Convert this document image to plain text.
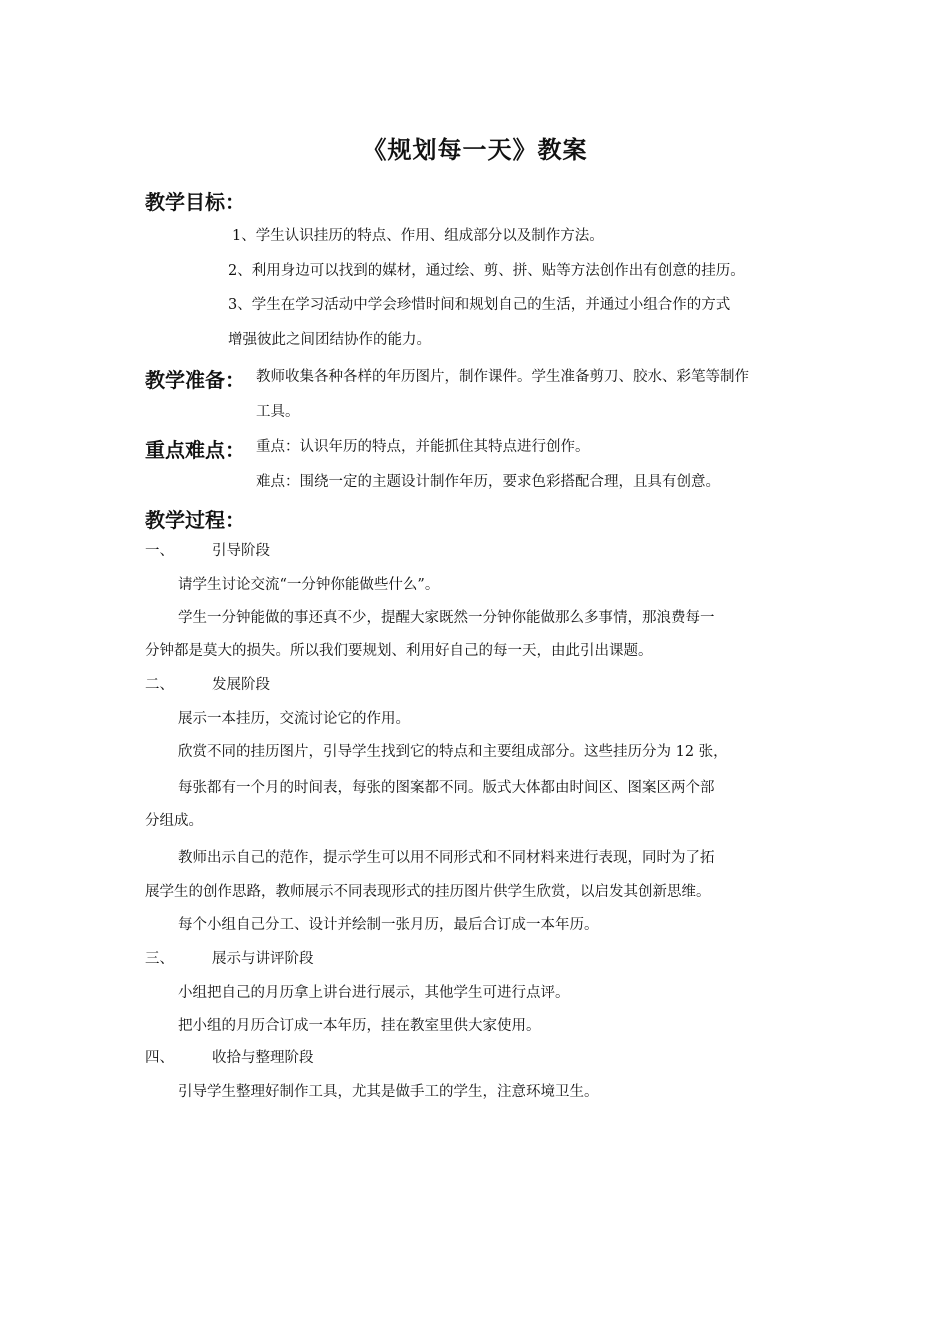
《规划每一天》教案
教学目标：
1、学生认识挂历的特点、作用、组成部分以及制作方法。
2、利用身边可以找到的媒材，通过绘、剪、拼、贴等方法创作出有创意的挂历。
3、学生在学习活动中学会珍惜时间和规划自己的生活，并通过小组合作的方式
增强彼此之间团结协作的能力。
教学准备： 教师收集各种各样的年历图片，制作课件。学生准备剪刀、胶水、彩笔等制作
工具。
重点难点： 重点：认识年历的特点，并能抓住其特点进行创作。
难点：围绕一定的主题设计制作年历，要求色彩搭配合理，且具有创意。
教学过程：
一、	引导阶段
请学生讨论交流“一分钟你能做些什么”。
学生一分钟能做的事还真不少，提醒大家既然一分钟你能做那么多事情，那浪费每一
分钟都是莫大的损失。所以我们要规划、利用好自己的每一天，由此引出课题。
二、	发展阶段
展示一本挂历，交流讨论它的作用。
欣赏不同的挂历图片，引导学生找到它的特点和主要组成部分。这些挂历分为 12 张，
每张都有一个月的时间表，每张的图案都不同。版式大体都由时间区、图案区两个部
分组成。
教师出示自己的范作，提示学生可以用不同形式和不同材料来进行表现，同时为了拓
展学生的创作思路，教师展示不同表现形式的挂历图片供学生欣赏，以启发其创新思维。
每个小组自己分工、设计并绘制一张月历，最后合订成一本年历。
三、	展示与讲评阶段
小组把自己的月历拿上讲台进行展示，其他学生可进行点评。
把小组的月历合订成一本年历，挂在教室里供大家使用。
四、	收拾与整理阶段
引导学生整理好制作工具，尤其是做手工的学生，注意环境卫生。
